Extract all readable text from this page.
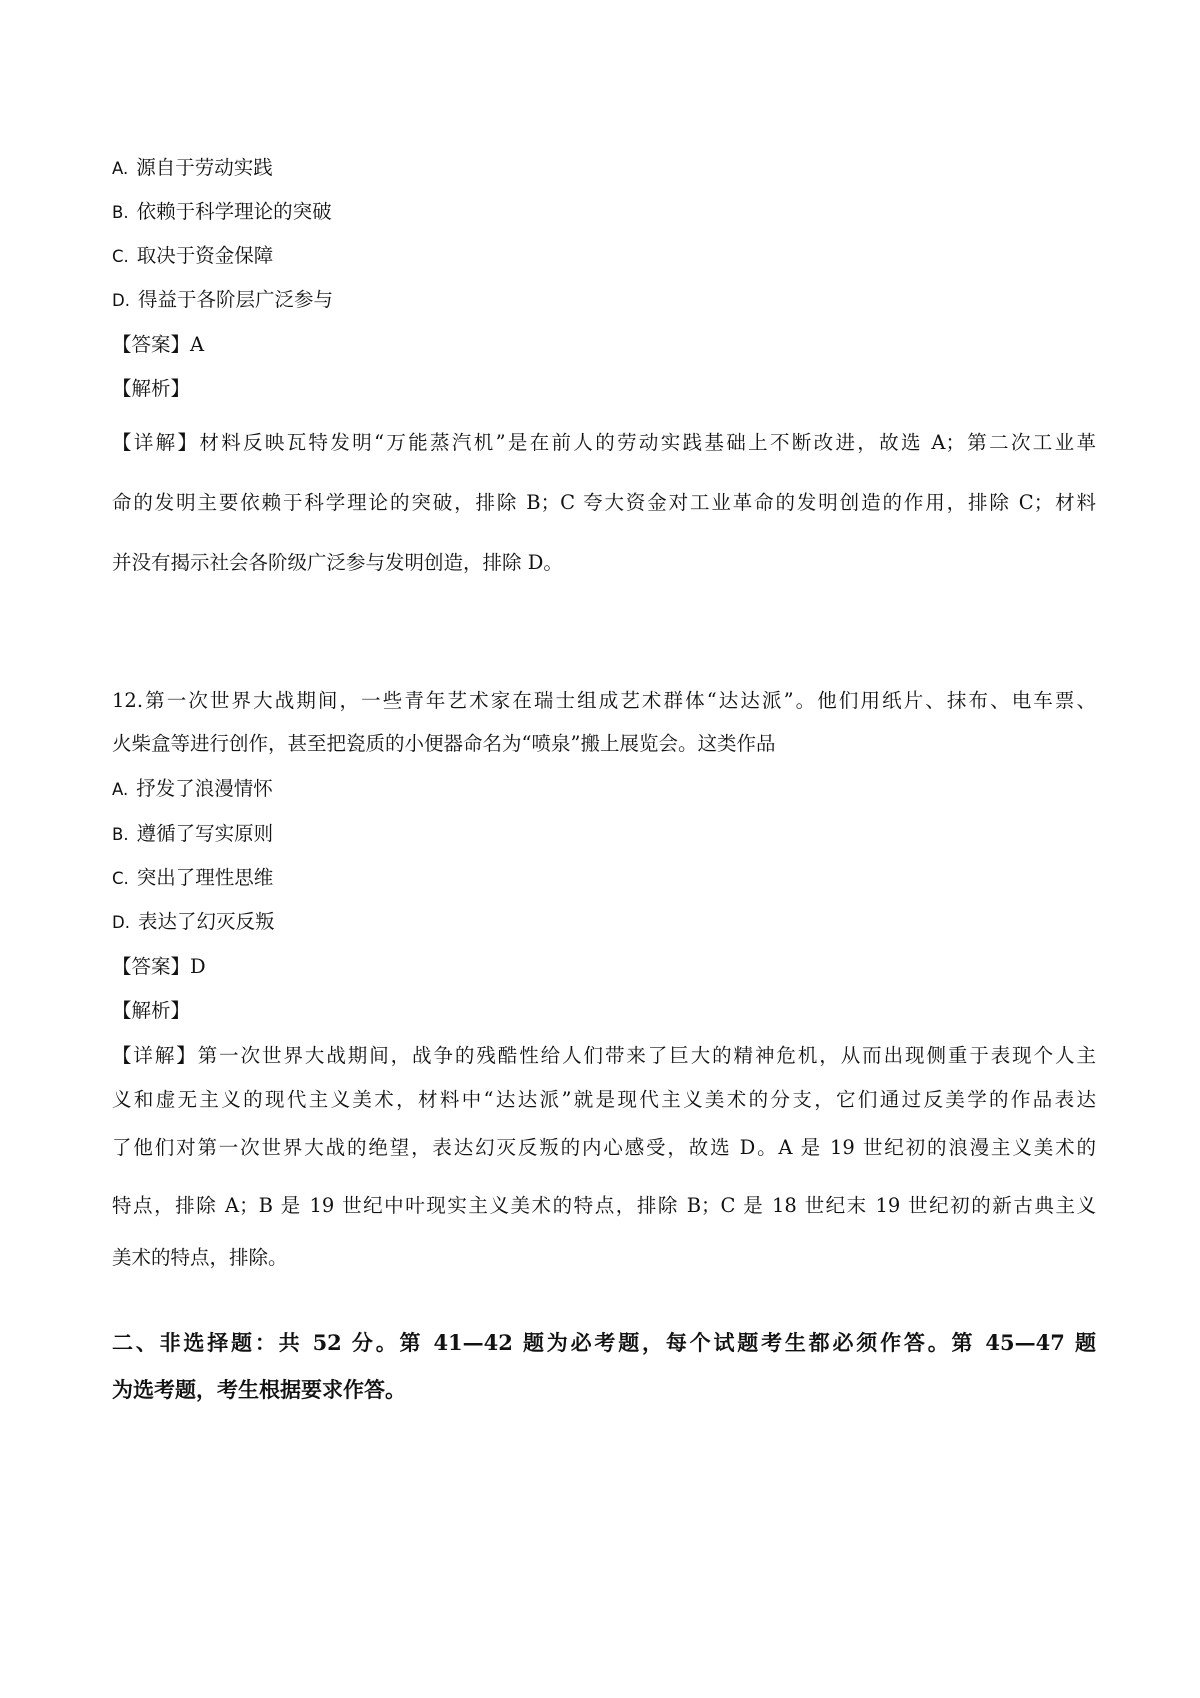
A. 源自于劳动实践
B. 依赖于科学理论的突破
C. 取决于资金保障
D. 得益于各阶层广泛参与
【答案】A
【解析】
【详解】材料反映瓦特发明“万能蒸汽机”是在前人的劳动实践基础上不断改进，故选 A；第二次工业革
命的发明主要依赖于科学理论的突破，排除 B；C 夸大资金对工业革命的发明创造的作用，排除 C；材料
并没有揭示社会各阶级广泛参与发明创造，排除 D。
12.第一次世界大战期间，一些青年艺术家在瑞士组成艺术群体“达达派”。他们用纸片、抹布、电车票、
火柴盒等进行创作，甚至把瓷质的小便器命名为“喷泉”搬上展览会。这类作品
A. 抒发了浪漫情怀
B. 遵循了写实原则
C. 突出了理性思维
D. 表达了幻灭反叛
【答案】D
【解析】
【详解】第一次世界大战期间，战争的残酷性给人们带来了巨大的精神危机，从而出现侧重于表现个人主
义和虚无主义的现代主义美术，材料中“达达派”就是现代主义美术的分支，它们通过反美学的作品表达
了他们对第一次世界大战的绝望，表达幻灭反叛的内心感受，故选 D。A 是 19 世纪初的浪漫主义美术的
特点，排除 A；B 是 19 世纪中叶现实主义美术的特点，排除 B；C 是 18 世纪末 19 世纪初的新古典主义
美术的特点，排除。
二、非选择题：共 52 分。第 41—42 题为必考题，每个试题考生都必须作答。第 45—47 题
为选考题，考生根据要求作答。
